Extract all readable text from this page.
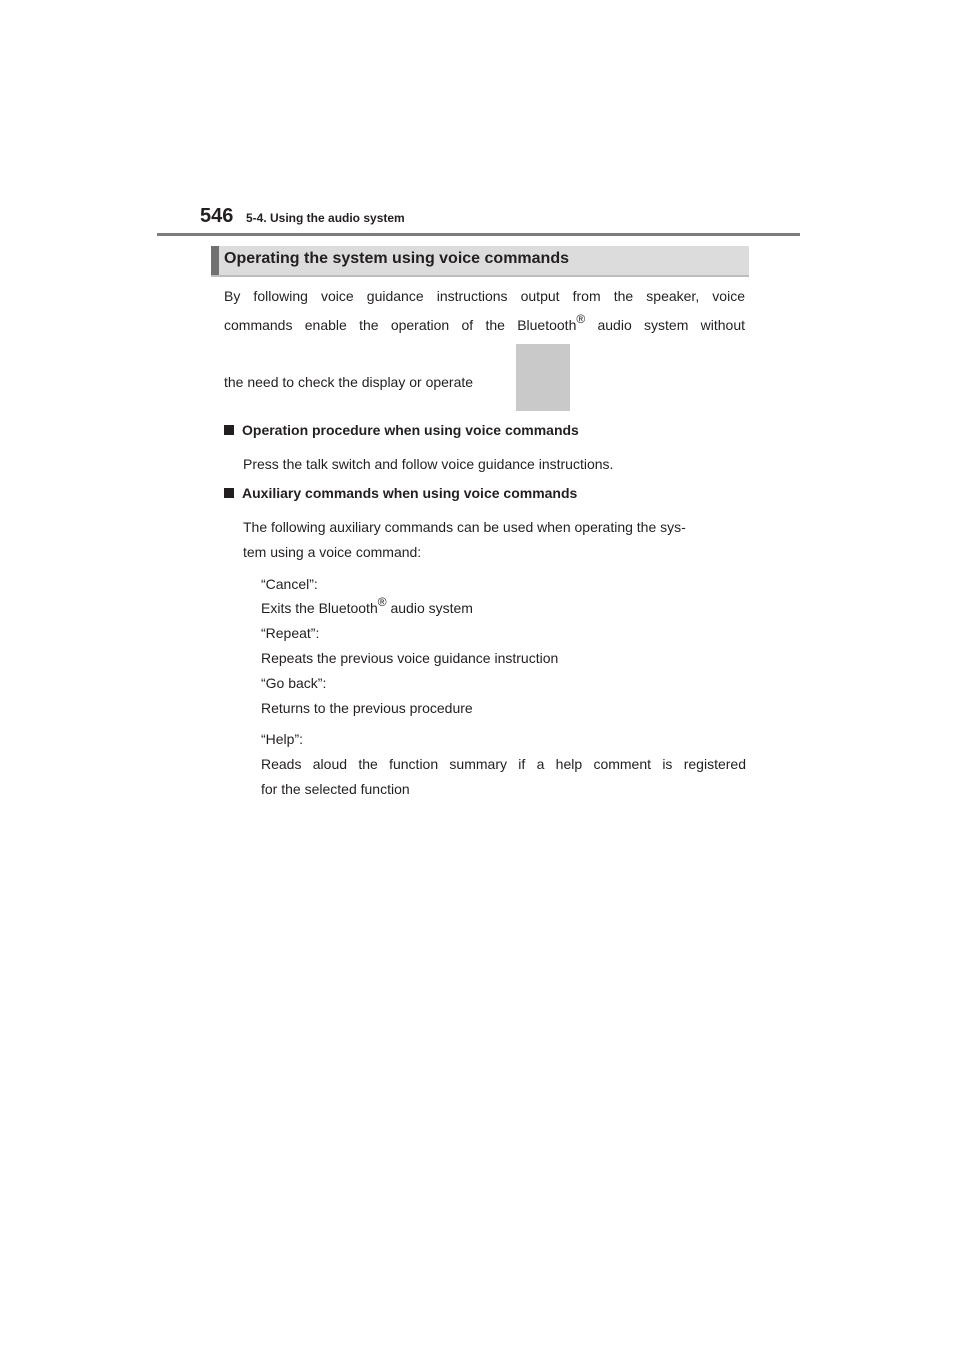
546 5-4. Using the audio system
Operating the system using voice commands
By following voice guidance instructions output from the speaker, voice
commands enable the operation of the Bluetooth® audio system without
the need to check the display or operate
Operation procedure when using voice commands
Press the talk switch and follow voice guidance instructions.
Auxiliary commands when using voice commands
The following auxiliary commands can be used when operating the sys-
tem using a voice command:
“Cancel”:
Exits the Bluetooth® audio system
“Repeat”:
Repeats the previous voice guidance instruction
“Go back”:
Returns to the previous procedure
“Help”:
Reads aloud the function summary if a help comment is registered
for the selected function
